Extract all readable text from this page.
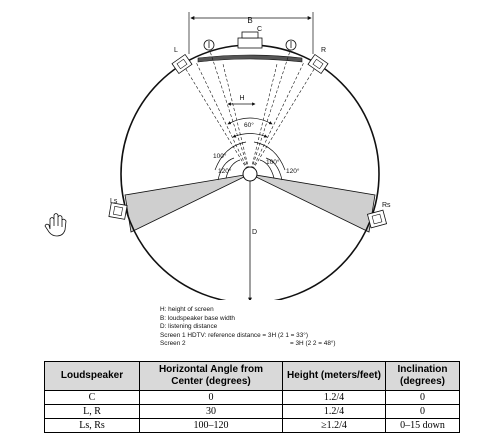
B
H
D
60°
100°
100°
120°	120°
C
L	R
Ls
Rs
H: height of screen
B: loudspeaker base width
D: listening distance
Screen 1 HDTV: reference distance = 3H (2 1 = 33°)
Screen 2	= 3H (2 2 = 48°)
Loudspeaker	Horizontal Angle from Center (degrees)	Height (meters/feet)	Inclination (degrees)
C	0	1.2/4	0
L, R	30	1.2/4	0
Ls, Rs	100–120	≥1.2/4	0–15 down
